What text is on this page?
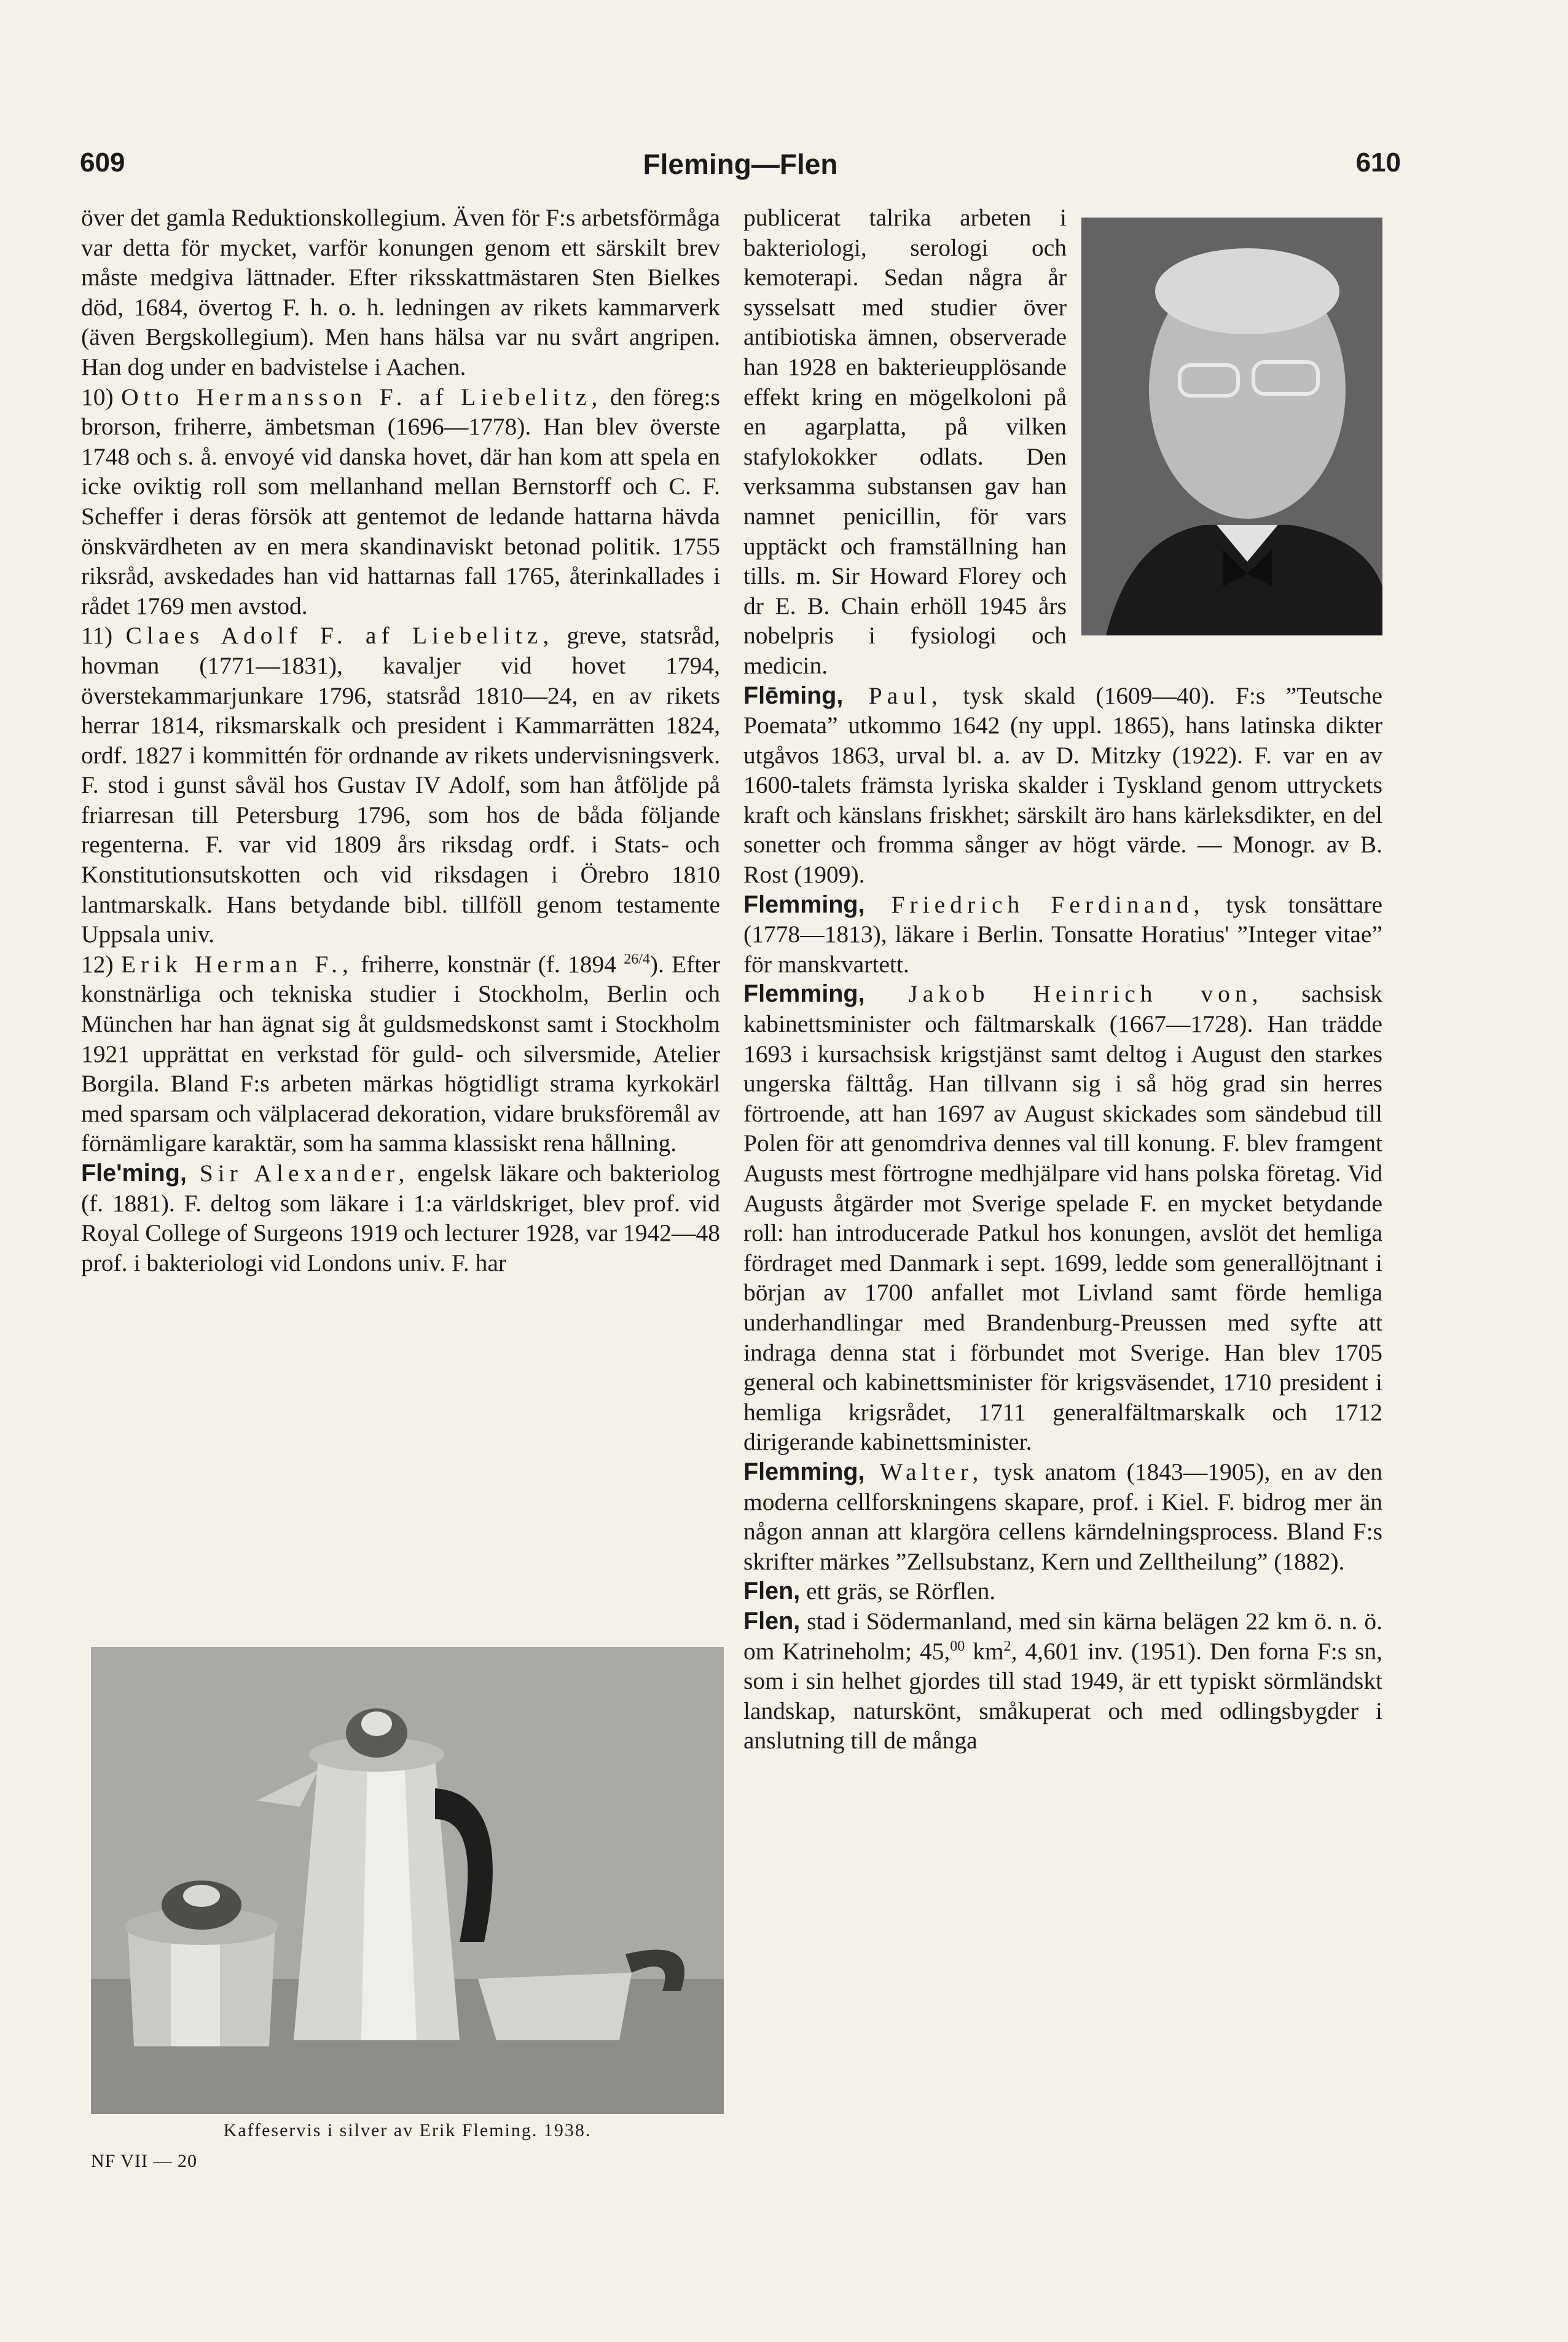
609	Fleming—Flen	610

över det gamla Reduktionskollegium. Även för F:s arbetsförmåga var detta för mycket, varför konungen genom ett särskilt brev måste medgiva lättnader. Efter riksskattmästaren Sten Bielkes död, 1684, övertog F. h. o. h. ledningen av rikets kammarverk (även Bergskollegium). Men hans hälsa var nu svårt angripen. Han dog under en badvistelse i Aachen.

10) Otto Hermansson F. af Liebelitz, den föreg:s brorson, friherre, ämbetsman (1696—1778). Han blev överste 1748 och s. å. envoyé vid danska hovet, där han kom att spela en icke oviktig roll som mellanhand mellan Bernstorff och C. F. Scheffer i deras försök att gentemot de ledande hattarna hävda önskvärdheten av en mera skandinaviskt betonad politik. 1755 riksråd, avskedades han vid hattarnas fall 1765, återinkallades i rådet 1769 men avstod.

11) Claes Adolf F. af Liebelitz, greve, statsråd, hovman (1771—1831), kavaljer vid hovet 1794, överstekammarjunkare 1796, statsråd 1810—24, en av rikets herrar 1814, riksmarskalk och president i Kammarrätten 1824, ordf. 1827 i kommittén för ordnande av rikets undervisningsverk. F. stod i gunst såväl hos Gustav IV Adolf, som han åtföljde på friarresan till Petersburg 1796, som hos de båda följande regenterna. F. var vid 1809 års riksdag ordf. i Stats- och Konstitutionsutskotten och vid riksdagen i Örebro 1810 lantmarskalk. Hans betydande bibl. tillföll genom testamente Uppsala univ.

12) Erik Herman F., friherre, konstnär (f. 1894 $^{26/4}$). Efter konstnärliga och tekniska studier i Stockholm, Berlin och München har han ägnat sig åt guldsmedskonst samt i Stockholm 1921 upprättat en verkstad för guld- och silversmide, Atelier Borgila. Bland F:s arbeten märkas högtidligt strama kyrkokärl med sparsam och välplacerad dekoration, vidare bruksföremål av förnämligare karaktär, som ha samma klassiskt rena hållning.

Fle'ming, Sir Alexander, engelsk läkare och bakteriolog (f. 1881). F. deltog som läkare i 1:a världskriget, blev prof. vid Royal College of Surgeons 1919 och lecturer 1928, var 1942—48 prof. i bakteriologi vid Londons univ. F. har

Kaffeservis i silver av Erik Fleming. 1938.
NF VII — 20

publicerat talrika arbeten i bakteriologi, serologi och kemoterapi. Sedan några år sysselsatt med studier över antibiotiska ämnen, observerade han 1928 en bakterieupplösande effekt kring en mögelkoloni på en agarplatta, på vilken stafylokokker odlats. Den verksamma substansen gav han namnet penicillin, för vars upptäckt och framställning han tills. m. Sir Howard Florey och dr E. B. Chain erhöll 1945 års nobelpris i fysiologi och medicin.

Flēming, Paul, tysk skald (1609—40). F:s ”Teutsche Poemata” utkommo 1642 (ny uppl. 1865), hans latinska dikter utgåvos 1863, urval bl. a. av D. Mitzky (1922). F. var en av 1600-talets främsta lyriska skalder i Tyskland genom uttryckets kraft och känslans friskhet; särskilt äro hans kärleksdikter, en del sonetter och fromma sånger av högt värde. — Monogr. av B. Rost (1909).

Flemming, Friedrich Ferdinand, tysk tonsättare (1778—1813), läkare i Berlin. Tonsatte Horatius' ”Integer vitae” för manskvartett.

Flemming, Jakob Heinrich von, sachsisk kabinettsminister och fältmarskalk (1667—1728). Han trädde 1693 i kursachsisk krigstjänst samt deltog i August den starkes ungerska fälttåg. Han tillvann sig i så hög grad sin herres förtroende, att han 1697 av August skickades som sändebud till Polen för att genomdriva dennes val till konung. F. blev framgent Augusts mest förtrogne medhjälpare vid hans polska företag. Vid Augusts åtgärder mot Sverige spelade F. en mycket betydande roll: han introducerade Patkul hos konungen, avslöt det hemliga fördraget med Danmark i sept. 1699, ledde som generallöjtnant i början av 1700 anfallet mot Livland samt förde hemliga underhandlingar med Brandenburg-Preussen med syfte att indraga denna stat i förbundet mot Sverige. Han blev 1705 general och kabinettsminister för krigsväsendet, 1710 president i hemliga krigsrådet, 1711 generalfältmarskalk och 1712 dirigerande kabinettsminister.

Flemming, Walter, tysk anatom (1843—1905), en av den moderna cellforskningens skapare, prof. i Kiel. F. bidrog mer än någon annan att klargöra cellens kärndelningsprocess. Bland F:s skrifter märkes ”Zellsubstanz, Kern und Zelltheilung” (1882).

Flen, ett gräs, se Rörflen.

Flen, stad i Södermanland, med sin kärna belägen 22 km ö. n. ö. om Katrineholm; 45,00 $km^2$, 4,601 inv. (1951). Den forna F:s sn, som i sin helhet gjordes till stad 1949, är ett typiskt sörmländskt landskap, naturskönt, småkuperat och med odlingsbygder i anslutning till de många
